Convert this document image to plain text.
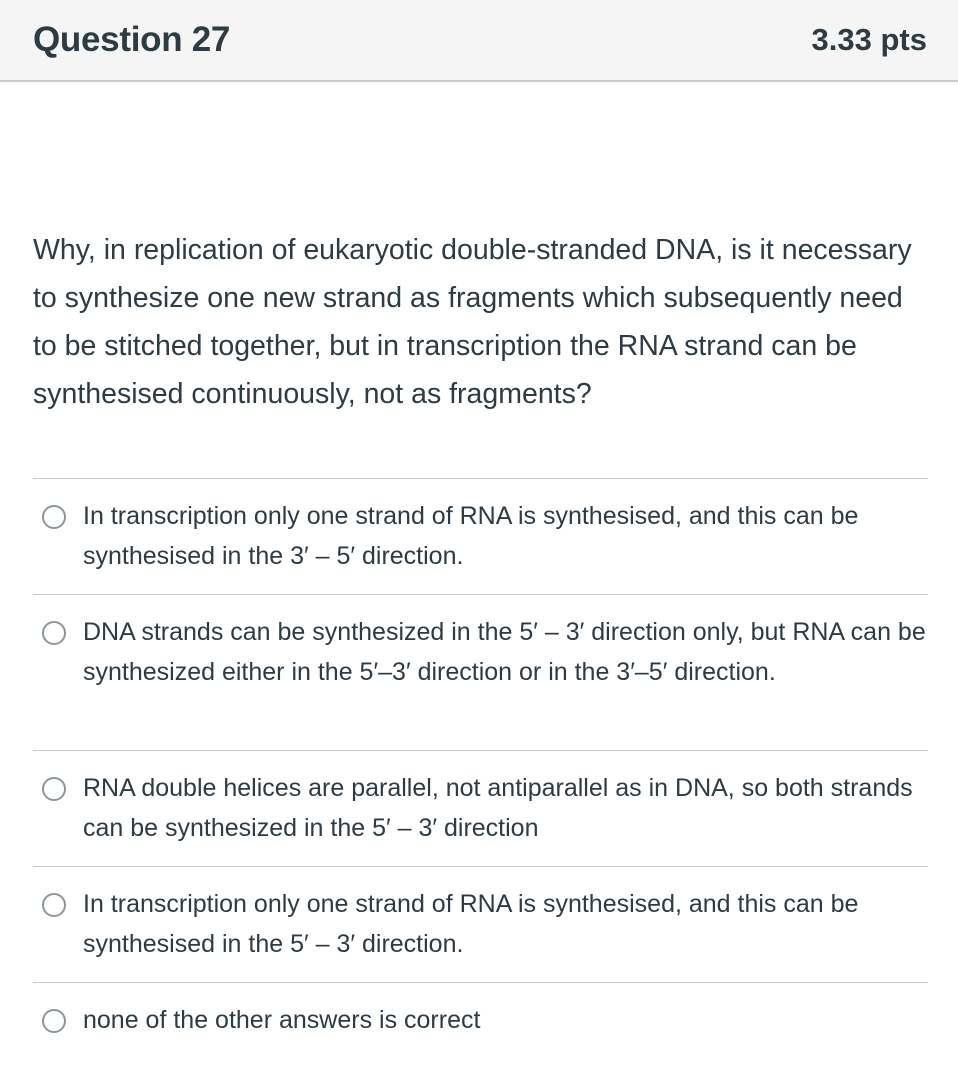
Question 27	3.33 pts

Why, in replication of eukaryotic double-stranded DNA, is it necessary to synthesize one new strand as fragments which subsequently need to be stitched together, but in transcription the RNA strand can be synthesised continuously, not as fragments?

In transcription only one strand of RNA is synthesised, and this can be synthesised in the 3′ – 5′ direction.
DNA strands can be synthesized in the 5′ – 3′ direction only, but RNA can be synthesized either in the 5′–3′ direction or in the 3′–5′ direction.
RNA double helices are parallel, not antiparallel as in DNA, so both strands can be synthesized in the 5′ – 3′ direction
In transcription only one strand of RNA is synthesised, and this can be synthesised in the 5′ – 3′ direction.
none of the other answers is correct
